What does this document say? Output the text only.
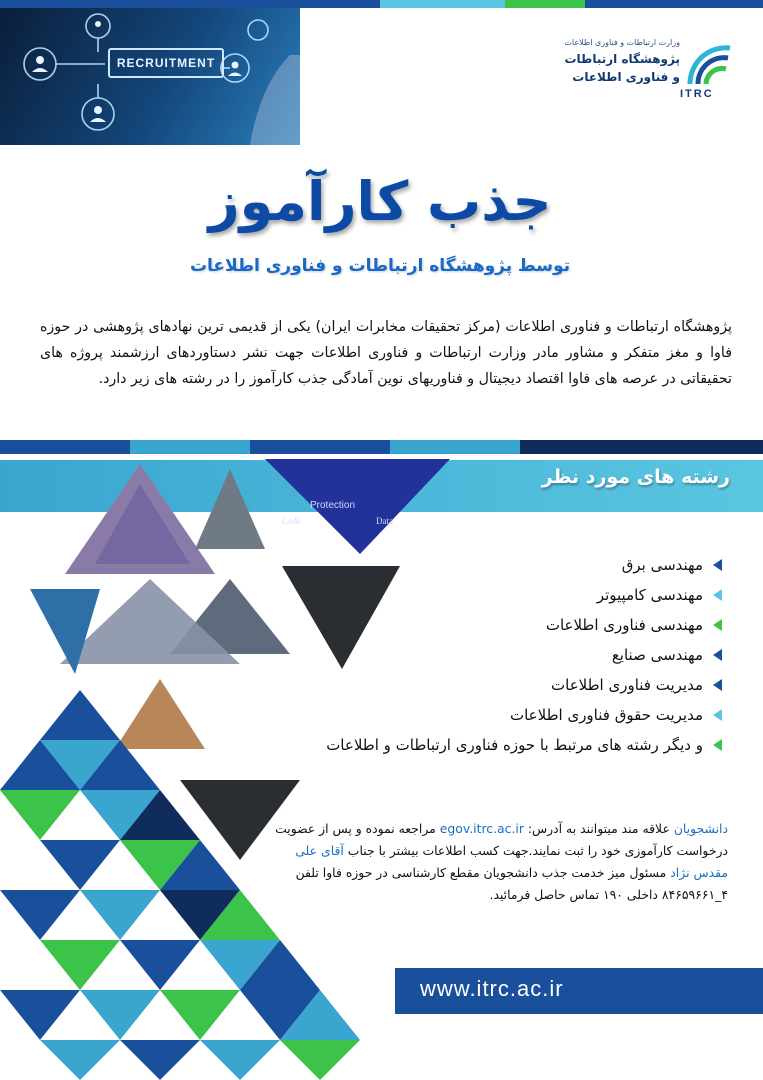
RECRUITMENT
وزارت ارتباطات و فناوری اطلاعات
پژوهشگاه ارتباطات
و فناوری اطلاعات
ITRC
جذب کارآموز
توسط پژوهشگاه ارتباطات و فناوری اطلاعات
پژوهشگاه ارتباطات و فناوری اطلاعات (مرکز تحقیقات مخابرات ایران) یکی از قدیمی ترین نهادهای پژوهشی در حوزه فاوا و مغز متفکر و مشاور مادر وزارت ارتباطات و فناوری اطلاعات جهت نشر دستاوردهای ارزشمند پروژه های تحقیقاتی در عرصه های فاوا اقتصاد دیجیتال و فناوریهای نوین آمادگی جذب کارآموز را در رشته های زیر دارد.
رشته های مورد نظر
Protection
Code	Data
مهندسی برق
مهندسی کامپیوتر
مهندسی فناوری اطلاعات
مهندسی صنایع
مدیریت فناوری اطلاعات
مدیریت حقوق فناوری اطلاعات
و دیگر رشته های مرتبط با حوزه فناوری ارتباطات و اطلاعات
دانشجویان علاقه مند میتوانند به آدرس: egov.itrc.ac.ir مراجعه نموده و پس از عضویت درخواست کارآموزی خود را ثبت نمایند.جهت کسب اطلاعات بیشتر با جناب آقای علی مقدس نژاد مسئول میز خدمت جذب دانشجویان مقطع کارشناسی در حوزه فاوا تلفن ۴_۸۴۶۵۹۶۶۱ داخلی ۱۹۰ تماس حاصل فرمائید.
www.itrc.ac.ir
